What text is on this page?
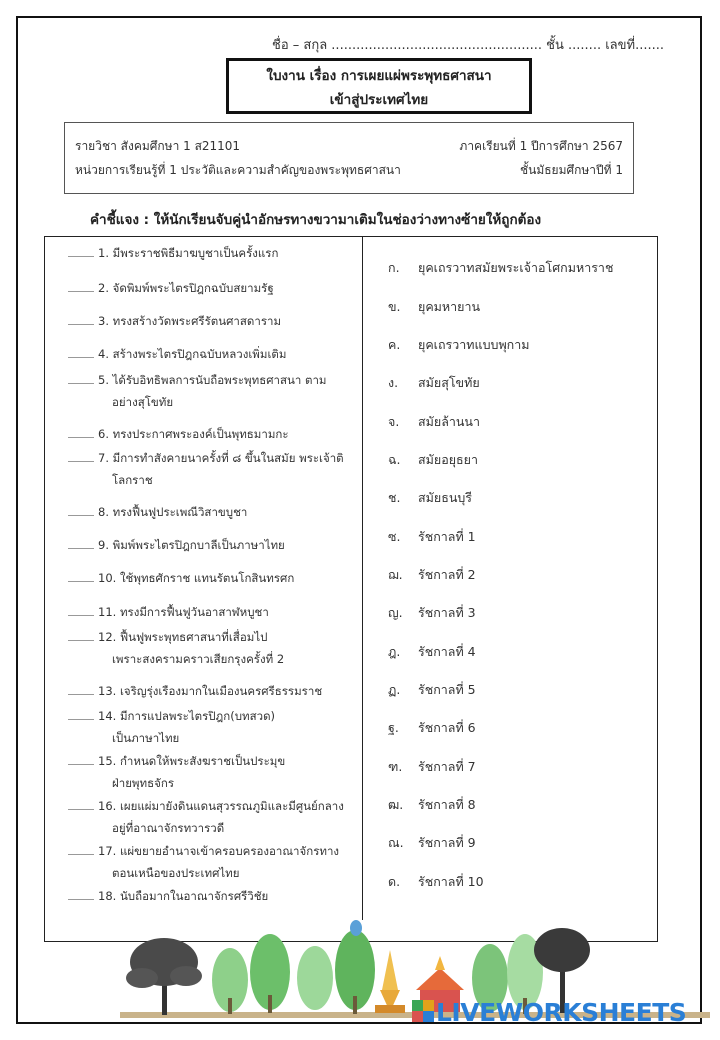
ชื่อ – สกุล ................................................... ชั้น ........ เลขที่.......
ใบงาน เรื่อง การเผยแผ่พระพุทธศาสนา
เข้าสู่ประเทศไทย
รายวิชา สังคมศึกษา 1 ส21101	ภาคเรียนที่ 1 ปีการศึกษา 2567
หน่วยการเรียนรู้ที่ 1 ประวัติและความสำคัญของพระพุทธศาสนา	ชั้นมัธยมศึกษาปีที่ 1
คำชี้แจง : ให้นักเรียนจับคู่นำอักษรทางขวามาเติมในช่องว่างทางซ้ายให้ถูกต้อง
1. มีพระราชพิธีมาฆบูชาเป็นครั้งแรก
2. จัดพิมพ์พระไตรปิฎกฉบับสยามรัฐ
3. ทรงสร้างวัดพระศรีรัตนศาสดาราม
4. สร้างพระไตรปิฎกฉบับหลวงเพิ่มเติม
5. ได้รับอิทธิพลการนับถือพระพุทธศาสนา ตาม
อย่างสุโขทัย
6. ทรงประกาศพระองค์เป็นพุทธมามกะ
7. มีการทำสังคายนาครั้งที่ ๘ ขึ้นในสมัย พระเจ้าติ
โลกราช
8. ทรงฟื้นฟูประเพณีวิสาขบูชา
9. พิมพ์พระไตรปิฎกบาลีเป็นภาษาไทย
10. ใช้พุทธศักราช แทนรัตนโกสินทรศก
11. ทรงมีการฟื้นฟูวันอาสาฬหบูชา
12. ฟื้นฟูพระพุทธศาสนาที่เสื่อมไป
เพราะสงครามคราวเสียกรุงครั้งที่ 2
13. เจริญรุ่งเรืองมากในเมืองนครศรีธรรมราช
14. มีการแปลพระไตรปิฎก(บทสวด)
เป็นภาษาไทย
15. กำหนดให้พระสังฆราชเป็นประมุข
ฝ่ายพุทธจักร
16. เผยแผ่มายังดินแดนสุวรรณภูมิและมีศูนย์กลาง
อยู่ที่อาณาจักรทวารวดี
17. แผ่ขยายอำนาจเข้าครอบครองอาณาจักรทาง
ตอนเหนือของประเทศไทย
18. นับถือมากในอาณาจักรศรีวิชัย
ก. ยุคเถรวาทสมัยพระเจ้าอโศกมหาราช
ข. ยุคมหายาน
ค. ยุคเถรวาทแบบพุกาม
ง. สมัยสุโขทัย
จ. สมัยล้านนา
ฉ. สมัยอยุธยา
ช. สมัยธนบุรี
ซ. รัชกาลที่ 1
ฌ. รัชกาลที่ 2
ญ. รัชกาลที่ 3
ฎ. รัชกาลที่ 4
ฏ. รัชกาลที่ 5
ฐ. รัชกาลที่ 6
ฑ. รัชกาลที่ 7
ฒ. รัชกาลที่ 8
ณ. รัชกาลที่ 9
ด. รัชกาลที่ 10
LIVEWORKSHEETS
